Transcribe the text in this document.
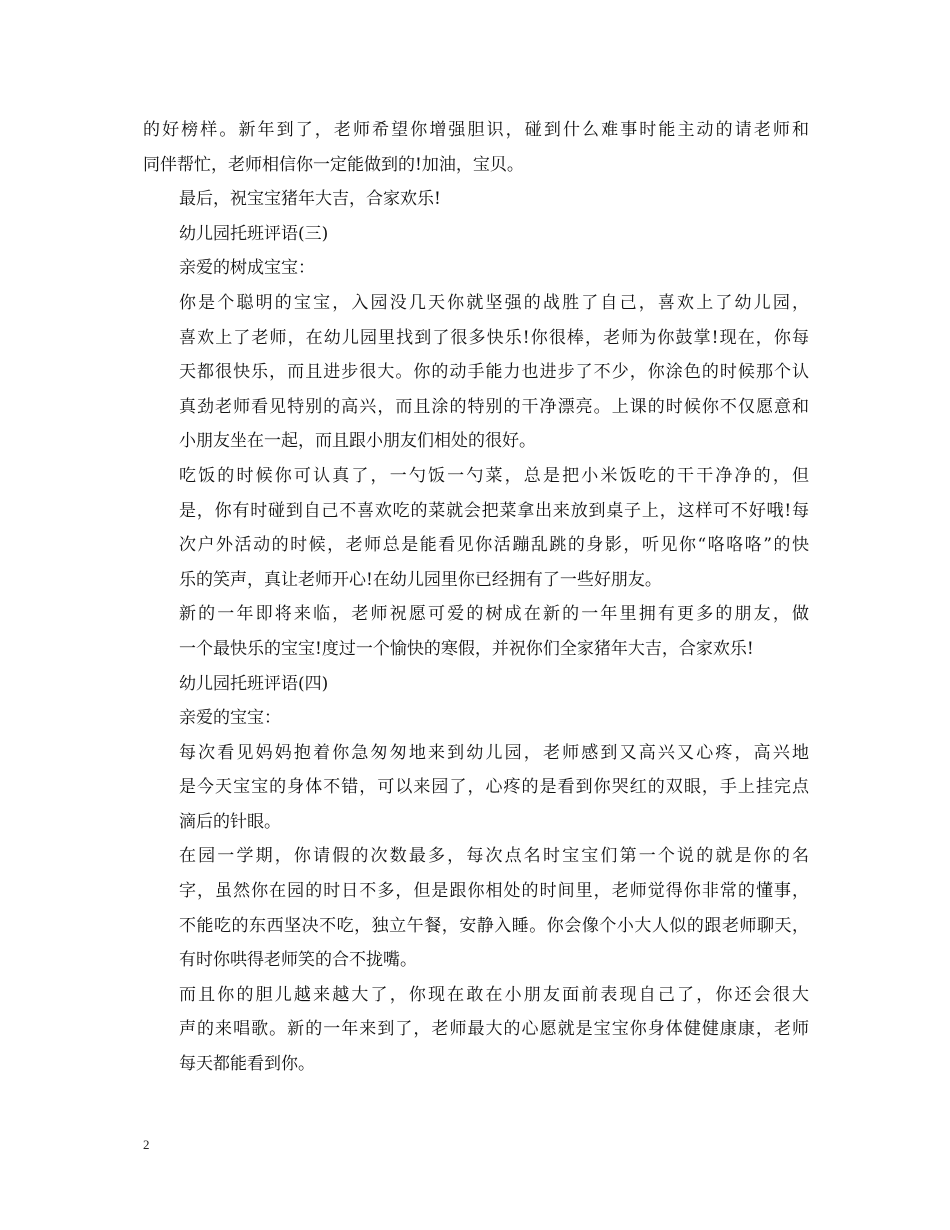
的好榜样。新年到了，老师希望你增强胆识，碰到什么难事时能主动的请老师和
同伴帮忙，老师相信你一定能做到的!加油，宝贝。
最后，祝宝宝猪年大吉，合家欢乐!
幼儿园托班评语(三)
亲爱的树成宝宝：
你是个聪明的宝宝，入园没几天你就坚强的战胜了自己，喜欢上了幼儿园，
喜欢上了老师，在幼儿园里找到了很多快乐!你很棒，老师为你鼓掌!现在，你每
天都很快乐，而且进步很大。你的动手能力也进步了不少，你涂色的时候那个认
真劲老师看见特别的高兴，而且涂的特别的干净漂亮。上课的时候你不仅愿意和
小朋友坐在一起，而且跟小朋友们相处的很好。
吃饭的时候你可认真了，一勺饭一勺菜，总是把小米饭吃的干干净净的，但
是，你有时碰到自己不喜欢吃的菜就会把菜拿出来放到桌子上，这样可不好哦!每
次户外活动的时候，老师总是能看见你活蹦乱跳的身影，听见你“咯咯咯”的快
乐的笑声，真让老师开心!在幼儿园里你已经拥有了一些好朋友。
新的一年即将来临，老师祝愿可爱的树成在新的一年里拥有更多的朋友，做
一个最快乐的宝宝!度过一个愉快的寒假，并祝你们全家猪年大吉，合家欢乐!
幼儿园托班评语(四)
亲爱的宝宝：
每次看见妈妈抱着你急匆匆地来到幼儿园，老师感到又高兴又心疼，高兴地
是今天宝宝的身体不错，可以来园了，心疼的是看到你哭红的双眼，手上挂完点
滴后的针眼。
在园一学期，你请假的次数最多，每次点名时宝宝们第一个说的就是你的名
字，虽然你在园的时日不多，但是跟你相处的时间里，老师觉得你非常的懂事，
不能吃的东西坚决不吃，独立午餐，安静入睡。你会像个小大人似的跟老师聊天，
有时你哄得老师笑的合不拢嘴。
而且你的胆儿越来越大了，你现在敢在小朋友面前表现自己了，你还会很大
声的来唱歌。新的一年来到了，老师最大的心愿就是宝宝你身体健健康康，老师
每天都能看到你。
2
